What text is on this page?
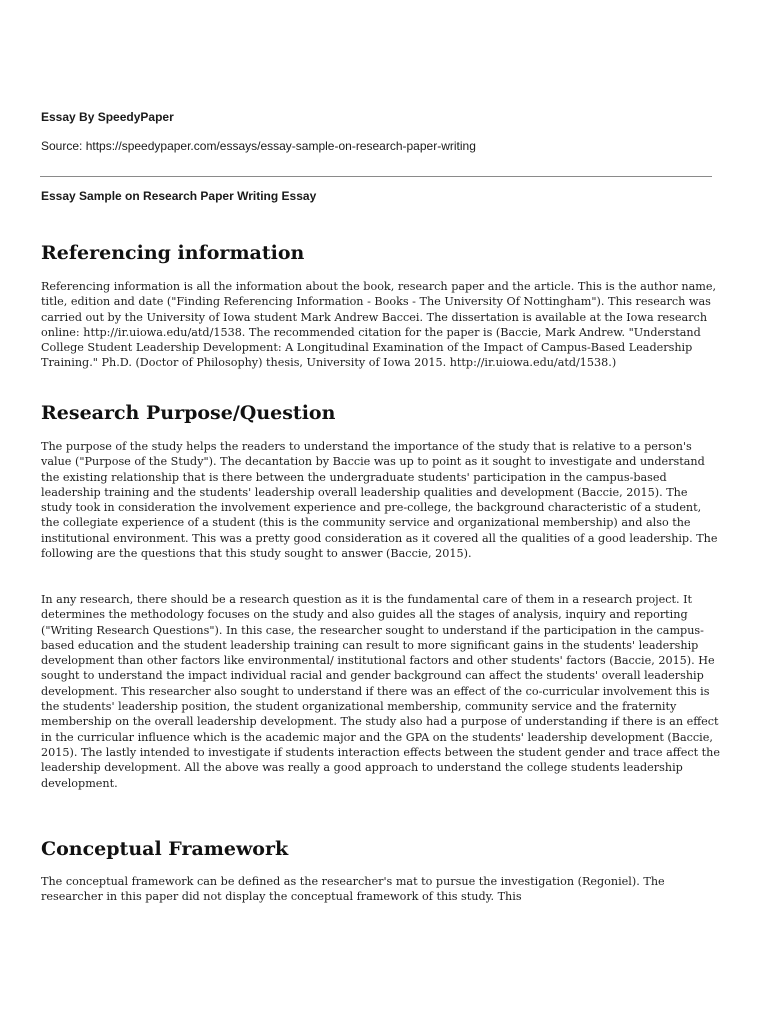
Essay By SpeedyPaper
Source: https://speedypaper.com/essays/essay-sample-on-research-paper-writing
Essay Sample on Research Paper Writing Essay
Referencing information

Referencing information is all the information about the book, research paper and the article. This is the author name, title, edition and date ("Finding Referencing Information - Books - The University Of Nottingham"). This research was carried out by the University of Iowa student Mark Andrew Baccei. The dissertation is available at the Iowa research online: http://ir.uiowa.edu/atd/1538. The recommended citation for the paper is (Baccie, Mark Andrew. "Understand College Student Leadership Development: A Longitudinal Examination of the Impact of Campus-Based Leadership Training." Ph.D. (Doctor of Philosophy) thesis, University of Iowa 2015. http://ir.uiowa.edu/atd/1538.)

Research Purpose/Question

The purpose of the study helps the readers to understand the importance of the study that is relative to a person's value ("Purpose of the Study"). The decantation by Baccie was up to point as it sought to investigate and understand the existing relationship that is there between the undergraduate students' participation in the campus-based leadership training and the students' leadership overall leadership qualities and development (Baccie, 2015). The study took in consideration the involvement experience and pre-college, the background characteristic of a student, the collegiate experience of a student (this is the community service and organizational membership) and also the institutional environment. This was a pretty good consideration as it covered all the qualities of a good leadership. The following are the questions that this study sought to answer (Baccie, 2015).

In any research, there should be a research question as it is the fundamental care of them in a research project. It determines the methodology focuses on the study and also guides all the stages of analysis, inquiry and reporting ("Writing Research Questions"). In this case, the researcher sought to understand if the participation in the campus-based education and the student leadership training can result to more significant gains in the students' leadership development than other factors like environmental/ institutional factors and other students' factors (Baccie, 2015). He sought to understand the impact individual racial and gender background can affect the students' overall leadership development. This researcher also sought to understand if there was an effect of the co-curricular involvement this is the students' leadership position, the student organizational membership, community service and the fraternity membership on the overall leadership development. The study also had a purpose of understanding if there is an effect in the curricular influence which is the academic major and the GPA on the students' leadership development (Baccie, 2015). The lastly intended to investigate if students interaction effects between the student gender and trace affect the leadership development. All the above was really a good approach to understand the college students leadership development.

Conceptual Framework

The conceptual framework can be defined as the researcher's mat to pursue the investigation (Regoniel). The researcher in this paper did not display the conceptual framework of this study. This
